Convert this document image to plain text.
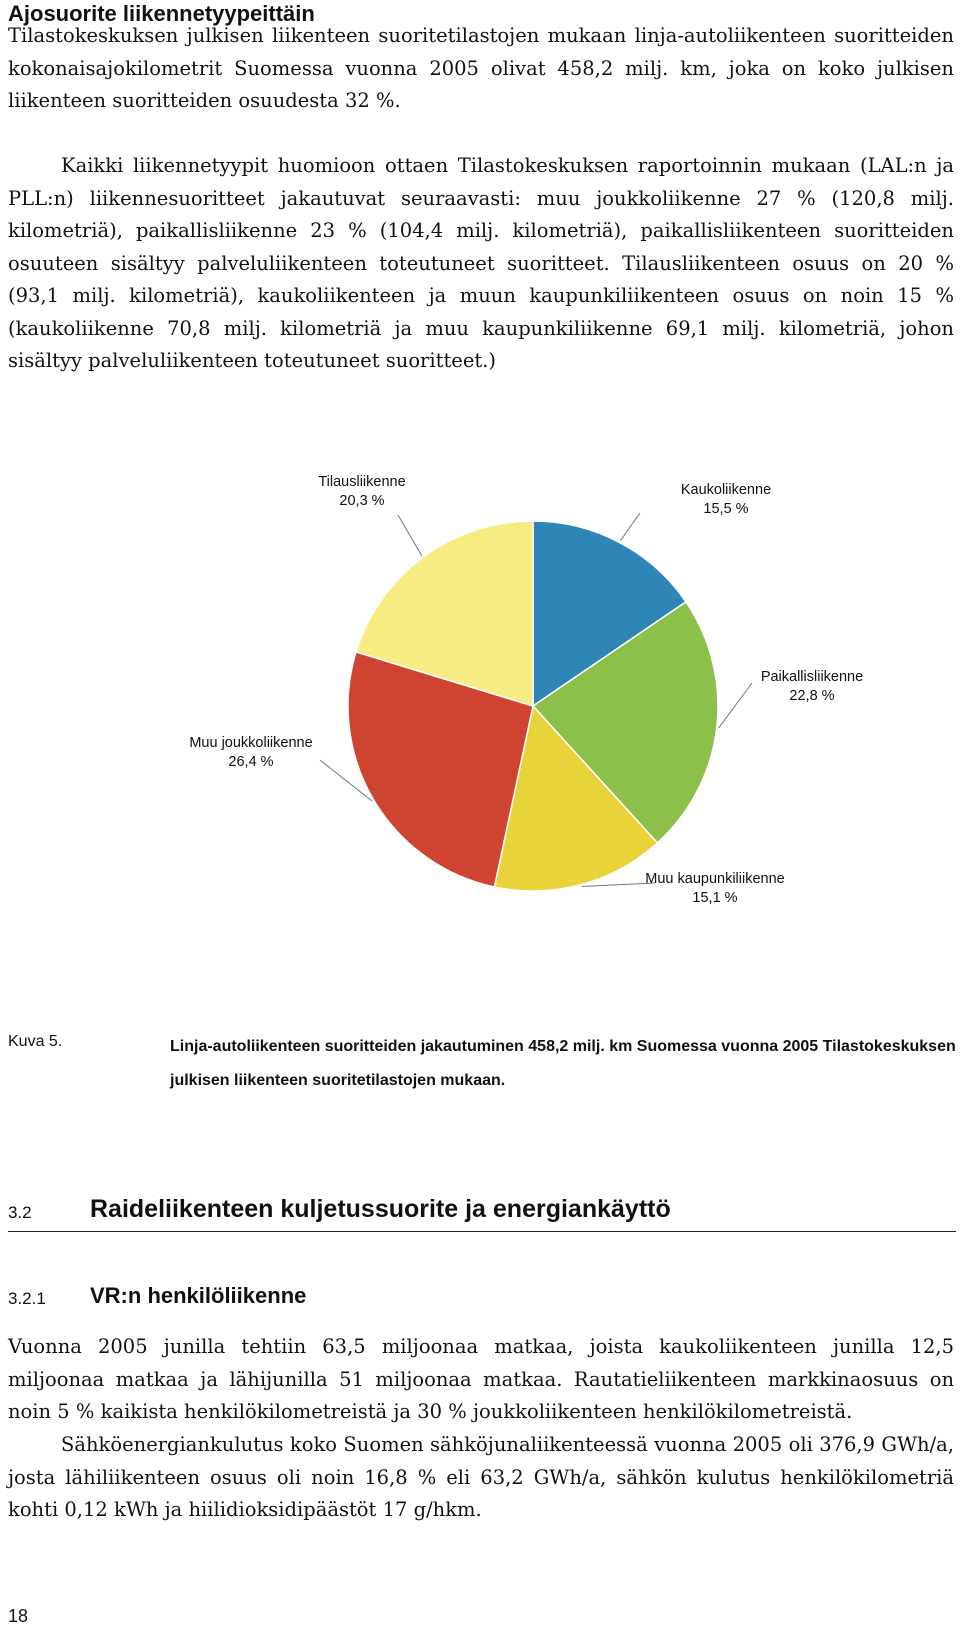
Ajosuorite liikennetyypeittäin

Tilastokeskuksen julkisen liikenteen suoritetilastojen mukaan linja-autoliikenteen suoritteiden kokonaisajokilometrit Suomessa vuonna 2005 olivat 458,2 milj. km, joka on koko julkisen liikenteen suoritteiden osuudesta 32 %.

Kaikki liikennetyypit huomioon ottaen Tilastokeskuksen raportoinnin mukaan (LAL:n ja PLL:n) liikennesuoritteet jakautuvat seuraavasti: muu joukkoliikenne 27 % (120,8 milj. kilometriä), paikallisliikenne 23 % (104,4 milj. kilometriä), paikallisliikenteen suoritteiden osuuteen sisältyy palveluliikenteen toteutuneet suoritteet. Tilausliikenteen osuus on 20 % (93,1 milj. kilometriä), kaukoliikenteen ja muun kaupunkiliikenteen osuus on noin 15 % (kaukoliikenne 70,8 milj. kilometriä ja muu kaupunkiliikenne 69,1 milj. kilometriä, johon sisältyy palveluliikenteen toteutuneet suoritteet.)

Tilausliikenne
20,3 %
Kaukoliikenne
15,5 %
Paikallisliikenne
22,8 %
Muu joukkoliikenne
26,4 %
Muu kaupunkiliikenne
15,1 %
Kuva 5.	Linja-autoliikenteen suoritteiden jakautuminen 458,2 milj. km Suomessa vuonna 2005 Tilastokeskuksen julkisen liikenteen suoritetilastojen mukaan.

3.2 Raideliikenteen kuljetussuorite ja energiankäyttö
3.2.1 VR:n henkilöliikenne

Vuonna 2005 junilla tehtiin 63,5 miljoonaa matkaa, joista kaukoliikenteen junilla 12,5 miljoonaa matkaa ja lähijunilla 51 miljoonaa matkaa. Rautatieliikenteen markkinaosuus on noin 5 % kaikista henkilökilometreistä ja 30 % joukkoliikenteen henkilökilometreistä.

Sähköenergiankulutus koko Suomen sähköjunaliikenteessä vuonna 2005 oli 376,9 GWh/a, josta lähiliikenteen osuus oli noin 16,8 % eli 63,2 GWh/a, sähkön kulutus henkilökilometriä kohti 0,12 kWh ja hiilidioksidipäästöt 17 g/hkm.

18
